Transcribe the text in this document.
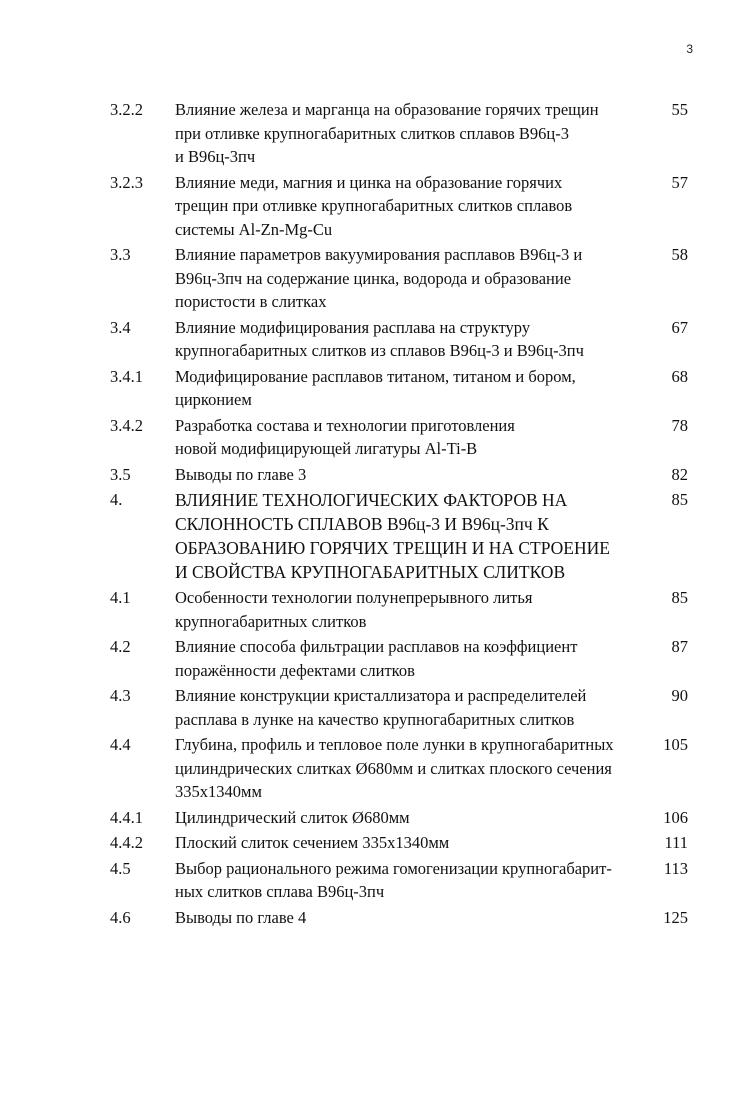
3
3.2.2	Влияние железа и марганца на образование горячих трещин
при отливке крупногабаритных слитков сплавов В96ц-3
и В96ц-3пч
55
3.2.3	Влияние меди, магния и цинка на образование горячих
трещин при отливке крупногабаритных слитков сплавов
системы Al-Zn-Mg-Cu
57
3.3	Влияние параметров вакуумирования расплавов В96ц-3 и
В96ц-3пч на содержание цинка, водорода и образование
пористости в слитках
58
3.4	Влияние модифицирования расплава на структуру
крупногабаритных слитков из сплавов В96ц-3 и В96ц-3пч
67
3.4.1	Модифицирование расплавов титаном, титаном и бором,
цирконием
68
3.4.2	Разработка состава и технологии приготовления
новой модифицирующей лигатуры Al-Ti-B
78
3.5	Выводы по главе 3	82
4.	ВЛИЯНИЕ ТЕХНОЛОГИЧЕСКИХ ФАКТОРОВ НА
СКЛОННОСТЬ СПЛАВОВ В96ц-3 И В96ц-3пч К
ОБРАЗОВАНИЮ ГОРЯЧИХ ТРЕЩИН И НА СТРОЕНИЕ
И СВОЙСТВА КРУПНОГАБАРИТНЫХ СЛИТКОВ
85
4.1	Особенности технологии полунепрерывного литья
крупногабаритных слитков
85
4.2	Влияние способа фильтрации расплавов на коэффициент
поражённости дефектами слитков
87
4.3	Влияние конструкции кристаллизатора и распределителей
расплава в лунке на качество крупногабаритных слитков
90
4.4	Глубина, профиль и тепловое поле лунки в крупногабаритных
цилиндрических слитках Ø680мм и слитках плоского сечения
335x1340мм
105
4.4.1	Цилиндрический слиток Ø680мм	106
4.4.2	Плоский слиток сечением 335x1340мм	111
4.5	Выбор рационального режима гомогенизации крупногабарит-
ных слитков сплава В96ц-3пч
113
4.6	Выводы по главе 4	125
